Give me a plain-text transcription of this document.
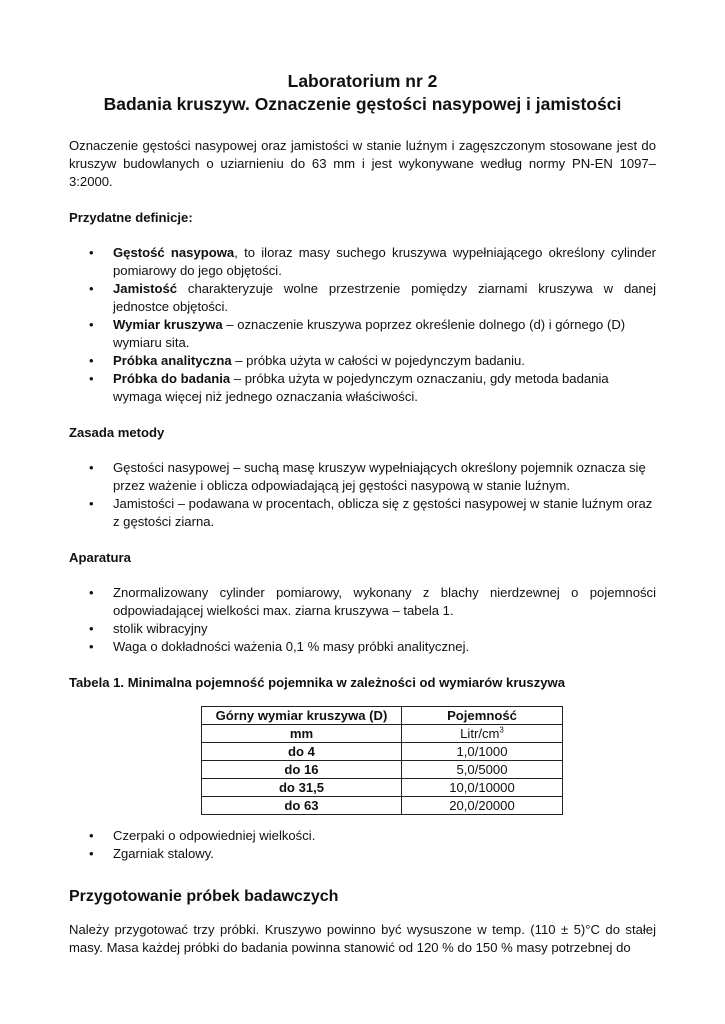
Laboratorium nr 2
Badania kruszyw. Oznaczenie gęstości nasypowej i jamistości

Oznaczenie gęstości nasypowej oraz jamistości w stanie luźnym i zagęszczonym stosowane jest do kruszyw budowlanych o uziarnieniu do 63 mm i jest wykonywane według normy PN-EN 1097–3:2000.

Przydatne definicje:

• Gęstość nasypowa, to iloraz masy suchego kruszywa wypełniającego określony cylinder pomiarowy do jego objętości.
• Jamistość charakteryzuje wolne przestrzenie pomiędzy ziarnami kruszywa w danej jednostce objętości.
• Wymiar kruszywa – oznaczenie kruszywa poprzez określenie dolnego (d) i górnego (D) wymiaru sita.
• Próbka analityczna – próbka użyta w całości w pojedynczym badaniu.
• Próbka do badania – próbka użyta w pojedynczym oznaczaniu, gdy metoda badania wymaga więcej niż jednego oznaczania właściwości.

Zasada metody

• Gęstości nasypowej – suchą masę kruszyw wypełniających określony pojemnik oznacza się przez ważenie i oblicza odpowiadającą jej gęstości nasypową w stanie luźnym.
• Jamistości – podawana w procentach, oblicza się z gęstości nasypowej w stanie luźnym oraz z gęstości ziarna.

Aparatura

• Znormalizowany cylinder pomiarowy, wykonany z blachy nierdzewnej o pojemności odpowiadającej wielkości max. ziarna kruszywa – tabela 1.
• stolik wibracyjny
• Waga o dokładności ważenia 0,1 % masy próbki analitycznej.

Tabela 1. Minimalna pojemność pojemnika w zależności od wymiarów kruszywa

Górny wymiar kruszywa (D)	Pojemność
mm	Litr/$cm^3$
do 4	1,0/1000
do 16	5,0/5000
do 31,5	10,0/10000
do 63	20,0/20000
• Czerpaki o odpowiedniej wielkości.
• Zgarniak stalowy.
Przygotowanie próbek badawczych

Należy przygotować trzy próbki. Kruszywo powinno być wysuszone w temp. (110 ± 5)°C do stałej masy. Masa każdej próbki do badania powinna stanowić od 120 % do 150 % masy potrzebnej do
